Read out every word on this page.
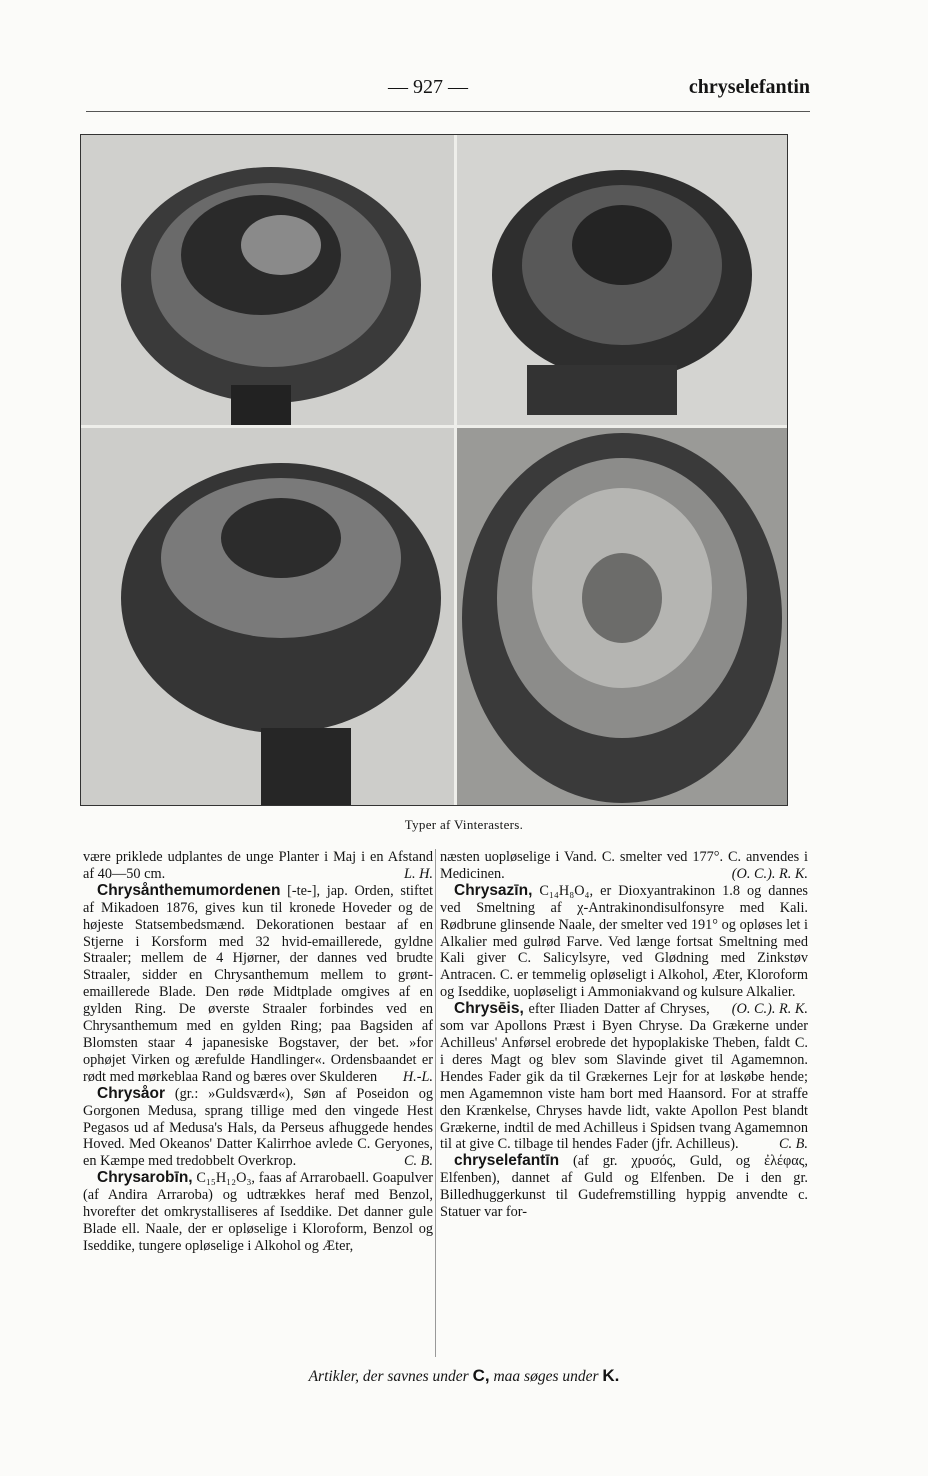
— 927 —	chryselefantin
Typer af Vinterasters.

være priklede udplantes de unge Planter i Maj i en Afstand af 40—50 cm.	L. H.

Chrysånthemumordenen [-te-], jap. Orden, stiftet af Mikadoen 1876, gives kun til kronede Hoveder og de højeste Statsembedsmænd. Dekorationen bestaar af en Stjerne i Korsform med 32 hvid-emaillerede, gyldne Straaler; mellem de 4 Hjørner, der dannes ved brudte Straaler, sidder en Chrysanthemum mellem to grønt-emaillerede Blade. Den røde Midtplade omgives af en gylden Ring. De øverste Straaler forbindes ved en Chrysanthemum med en gylden Ring; paa Bagsiden af Blomsten staar 4 japanesiske Bogstaver, der bet. »for ophøjet Virken og ærefulde Handlinger«. Ordensbaandet er rødt med mørkeblaa Rand og bæres over Skulderen	H.-L.

Chrysåor (gr.: »Guldsværd«), Søn af Poseidon og Gorgonen Medusa, sprang tillige med den vingede Hest Pegasos ud af Medusa's Hals, da Perseus afhuggede hendes Hoved. Med Okeanos' Datter Kalirrhoe avlede C. Geryones, en Kæmpe med tredobbelt Overkrop.	C. B.

Chrysarobīn, C₁₅H₁₂O₃, faas af Arrarobaell. Goapulver (af Andira Arraroba) og udtrækkes heraf med Benzol, hvorefter det omkrystalliseres af Iseddike. Det danner gule Blade ell. Naale, der er opløselige i Kloroform, Benzol og Iseddike, tungere opløselige i Alkohol og Æter,

næsten uopløselige i Vand. C. smelter ved 177°. C. anvendes i Medicinen.	(O. C.). R. K.

Chrysazīn, C₁₄H₈O₄, er Dioxyantrakinon 1.8 og dannes ved Smeltning af χ-Antrakinondisulfonsyre med Kali. Rødbrune glinsende Naale, der smelter ved 191° og opløses let i Alkalier med gulrød Farve. Ved længe fortsat Smeltning med Kali giver C. Salicylsyre, ved Glødning med Zinkstøv Antracen. C. er temmelig opløseligt i Alkohol, Æter, Kloroform og Iseddike, uopløseligt i Ammoniakvand og kulsure Alkalier.
(O. C.). R. K.

Chrysēis, efter Iliaden Datter af Chryses, som var Apollons Præst i Byen Chryse. Da Grækerne under Achilleus' Anførsel erobrede det hypoplakiske Theben, faldt C. i deres Magt og blev som Slavinde givet til Agamemnon. Hendes Fader gik da til Grækernes Lejr for at løskøbe hende; men Agamemnon viste ham bort med Haansord. For at straffe den Krænkelse, Chryses havde lidt, vakte Apollon Pest blandt Grækerne, indtil de med Achilleus i Spidsen tvang Agamemnon til at give C. tilbage til hendes Fader (jfr. Achilleus).	C. B.

chryselefantīn (af gr. χρυσός, Guld, og ἐλέφας, Elfenben), dannet af Guld og Elfenben. De i den gr. Billedhuggerkunst til Gudefremstilling hyppig anvendte c. Statuer var for-

Artikler, der savnes under C, maa søges under K.
